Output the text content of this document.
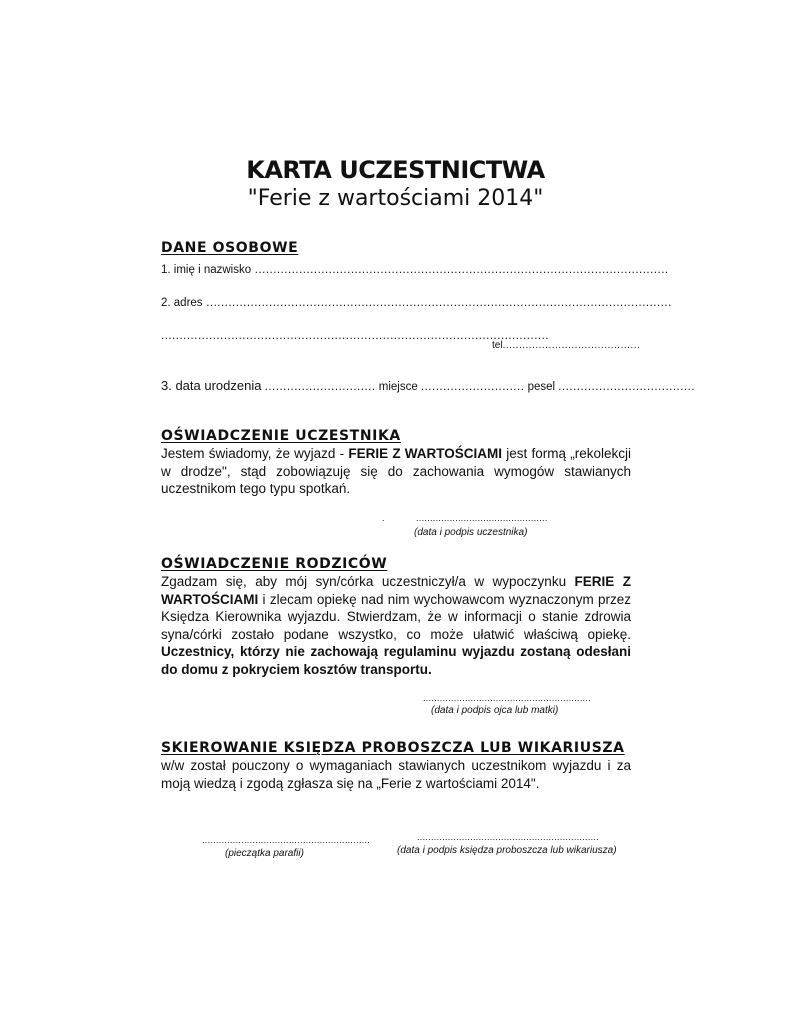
KARTA UCZESTNICTWA
"Ferie z wartościami 2014"
DANE OSOBOWE
1. imię i nazwisko ................................................................................................................
2. adres ..............................................................................................................................
.........................................................................................................
tel..........................................
3. data urodzenia .............................. miejsce ............................ pesel .....................................
OŚWIADCZENIE UCZESTNIKA
Jestem świadomy, że wyjazd - FERIE Z WARTOŚCIAMI jest formą „rekolekcji w drodze", stąd zobowiązuję się do zachowania wymogów stawianych uczestnikom tego typu spotkań.
.	...............................................
(data i podpis uczestnika)
OŚWIADCZENIE RODZICÓW
Zgadzam się, aby mój syn/córka uczestniczył/a w wypoczynku FERIE Z WARTOŚCIAMI i zlecam opiekę nad nim wychowawcom wyznaczonym przez Księdza Kierownika wyjazdu. Stwierdzam, że w informacji o stanie zdrowia syna/córki zostało podane wszystko, co może ułatwić właściwą opiekę. Uczestnicy, którzy nie zachowają regulaminu wyjazdu zostaną odesłani do domu z pokryciem kosztów transportu.
............................................................
(data i podpis ojca lub matki)
SKIEROWANIE KSIĘDZA PROBOSZCZA LUB WIKARIUSZA
w/w został pouczony o wymaganiach stawianych uczestnikom wyjazdu i za moją wiedzą i zgodą zgłasza się na „Ferie z wartościami 2014".
............................................................
(pieczątka parafii)
.................................................................
(data i podpis księdza proboszcza lub wikariusza)
